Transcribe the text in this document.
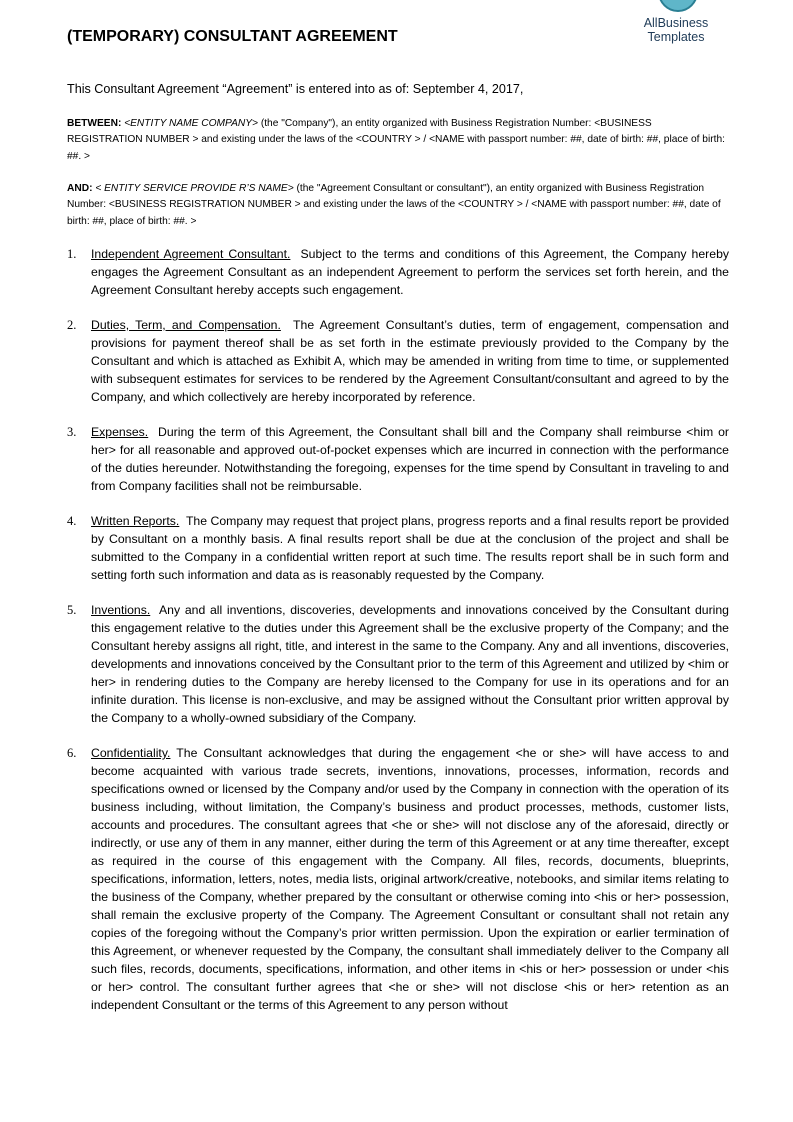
AllBusiness
Templates
(TEMPORARY) CONSULTANT AGREEMENT

This Consultant Agreement “Agreement” is entered into as of: September 4, 2017,

BETWEEN: <ENTITY NAME COMPANY> (the "Company"), an entity organized with Business Registration Number: <BUSINESS REGISTRATION NUMBER > and existing under the laws of the <COUNTRY > / <NAME with passport number: ##, date of birth: ##, place of birth: ##. >

AND: < ENTITY SERVICE PROVIDE R’S NAME> (the "Agreement Consultant or consultant"), an entity organized with Business Registration Number: <BUSINESS REGISTRATION NUMBER > and existing under the laws of the <COUNTRY > / <NAME with passport number: ##, date of birth: ##, place of birth: ##. >

1. Independent Agreement Consultant. Subject to the terms and conditions of this Agreement, the Company hereby engages the Agreement Consultant as an independent Agreement to perform the services set forth herein, and the Agreement Consultant hereby accepts such engagement.
2. Duties, Term, and Compensation. The Agreement Consultant’s duties, term of engagement, compensation and provisions for payment thereof shall be as set forth in the estimate previously provided to the Company by the Consultant and which is attached as Exhibit A, which may be amended in writing from time to time, or supplemented with subsequent estimates for services to be rendered by the Agreement Consultant/consultant and agreed to by the Company, and which collectively are hereby incorporated by reference.
3. Expenses. During the term of this Agreement, the Consultant shall bill and the Company shall reimburse <him or her> for all reasonable and approved out-of-pocket expenses which are incurred in connection with the performance of the duties hereunder. Notwithstanding the foregoing, expenses for the time spend by Consultant in traveling to and from Company facilities shall not be reimbursable.
4. Written Reports. The Company may request that project plans, progress reports and a final results report be provided by Consultant on a monthly basis. A final results report shall be due at the conclusion of the project and shall be submitted to the Company in a confidential written report at such time. The results report shall be in such form and setting forth such information and data as is reasonably requested by the Company.
5. Inventions. Any and all inventions, discoveries, developments and innovations conceived by the Consultant during this engagement relative to the duties under this Agreement shall be the exclusive property of the Company; and the Consultant hereby assigns all right, title, and interest in the same to the Company. Any and all inventions, discoveries, developments and innovations conceived by the Consultant prior to the term of this Agreement and utilized by <him or her> in rendering duties to the Company are hereby licensed to the Company for use in its operations and for an infinite duration. This license is non-exclusive, and may be assigned without the Consultant prior written approval by the Company to a wholly-owned subsidiary of the Company.
6. Confidentiality. The Consultant acknowledges that during the engagement <he or she> will have access to and become acquainted with various trade secrets, inventions, innovations, processes, information, records and specifications owned or licensed by the Company and/or used by the Company in connection with the operation of its business including, without limitation, the Company’s business and product processes, methods, customer lists, accounts and procedures. The consultant agrees that <he or she> will not disclose any of the aforesaid, directly or indirectly, or use any of them in any manner, either during the term of this Agreement or at any time thereafter, except as required in the course of this engagement with the Company. All files, records, documents, blueprints, specifications, information, letters, notes, media lists, original artwork/creative, notebooks, and similar items relating to the business of the Company, whether prepared by the consultant or otherwise coming into <his or her> possession, shall remain the exclusive property of the Company. The Agreement Consultant or consultant shall not retain any copies of the foregoing without the Company’s prior written permission. Upon the expiration or earlier termination of this Agreement, or whenever requested by the Company, the consultant shall immediately deliver to the Company all such files, records, documents, specifications, information, and other items in <his or her> possession or under <his or her> control. The consultant further agrees that <he or she> will not disclose <his or her> retention as an independent Consultant or the terms of this Agreement to any person without
